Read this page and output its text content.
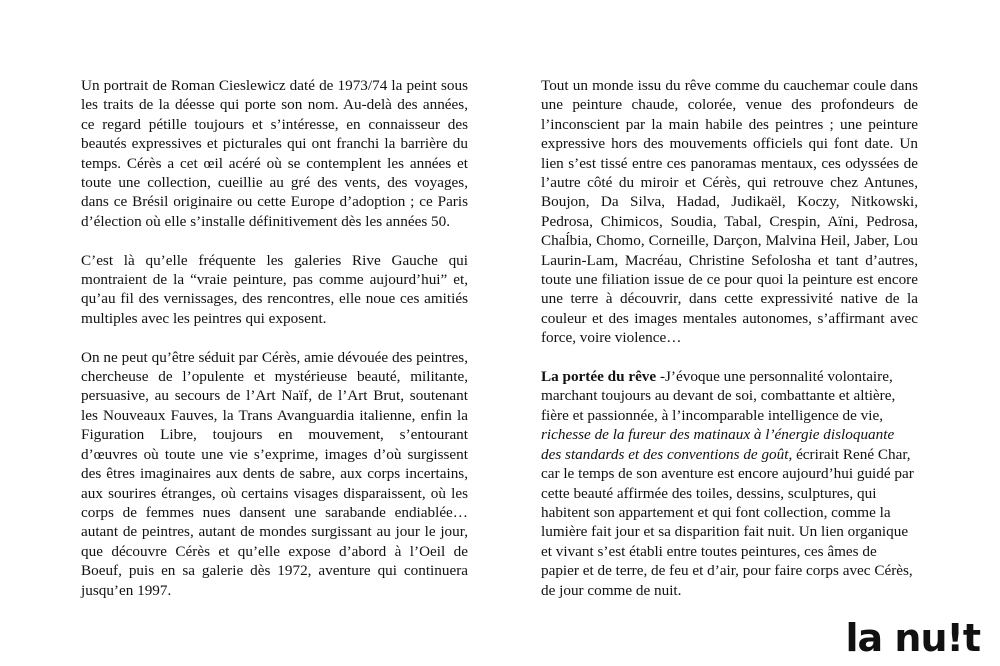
Un portrait de Roman Cieslewicz daté de 1973/74 la peint sous les traits de la déesse qui porte son nom. Au-delà des années, ce regard pétille toujours et s’intéresse, en connaisseur des beautés expressives et picturales qui ont franchi la barrière du temps. Cérès a cet œil acéré où se contemplent les années et toute une collection, cueillie au gré des vents, des voyages, dans ce Brésil originaire ou cette Europe d’adoption ; ce Paris d’élection où elle s’installe définitivement dès les années 50.

C’est là qu’elle fréquente les galeries Rive Gauche qui montraient de la “vraie peinture, pas comme aujourd’hui” et, qu’au fil des vernissages, des rencontres, elle noue ces amitiés multiples avec les peintres qui exposent.

On ne peut qu’être séduit par Cérès, amie dévouée des peintres, chercheuse de l’opulente et mystérieuse beauté, militante, persuasive, au secours de l’Art Naïf, de l’Art Brut, soutenant les Nouveaux Fauves, la Trans Avanguardia italienne, enfin la Figuration Libre, toujours en mouvement, s’entourant d’œuvres où toute une vie s’exprime, images d’où surgissent des êtres imaginaires aux dents de sabre, aux corps incertains, aux sourires étranges, où certains visages disparaissent, où les corps de femmes nues dansent une sarabande endiablée… autant de peintres, autant de mondes surgissant au jour le jour, que découvre Cérès et qu’elle expose d’abord à l’Oeil de Boeuf, puis en sa galerie dès 1972, aventure qui continuera jusqu’en 1997.

Tout un monde issu du rêve comme du cauchemar coule dans une peinture chaude, colorée, venue des profondeurs de l’inconscient par la main habile des peintres ; une peinture expressive hors des mouvements officiels qui font date. Un lien s’est tissé entre ces panoramas mentaux, ces odyssées de l’autre côté du miroir et Cérès, qui retrouve chez Antunes, Boujon, Da Silva, Hadad, Judikaël, Koczy, Nitkowski, Pedrosa, Chimicos, Soudia, Tabal, Crespin, Aïni, Pedrosa, Chaĺbia, Chomo, Corneille, Darçon, Malvina Heil, Jaber, Lou Laurin-Lam, Macréau, Christine Sefolosha et tant d’autres, toute une filiation issue de ce pour quoi la peinture est encore une terre à découvrir, dans cette expressivité native de la couleur et des images mentales autonomes, s’affirmant avec force, voire violence…

La portée du rêve -J’évoque une personnalité volontaire, marchant toujours au devant de soi, combattante et altière, fière et passionnée, à l’incomparable intelligence de vie, richesse de la fureur des matinaux à l’énergie disloquante des standards et des conventions de goût, écrirait René Char, car le temps de son aventure est encore aujourd’hui guidé par cette beauté affirmée des toiles, dessins, sculptures, qui habitent son appartement et qui font collection, comme la lumière fait jour et sa disparition fait nuit. Un lien organique et vivant s’est établi entre toutes peintures, ces âmes de papier et de terre, de feu et d’air, pour faire corps avec Cérès, de jour comme de nuit.

la nu!t
